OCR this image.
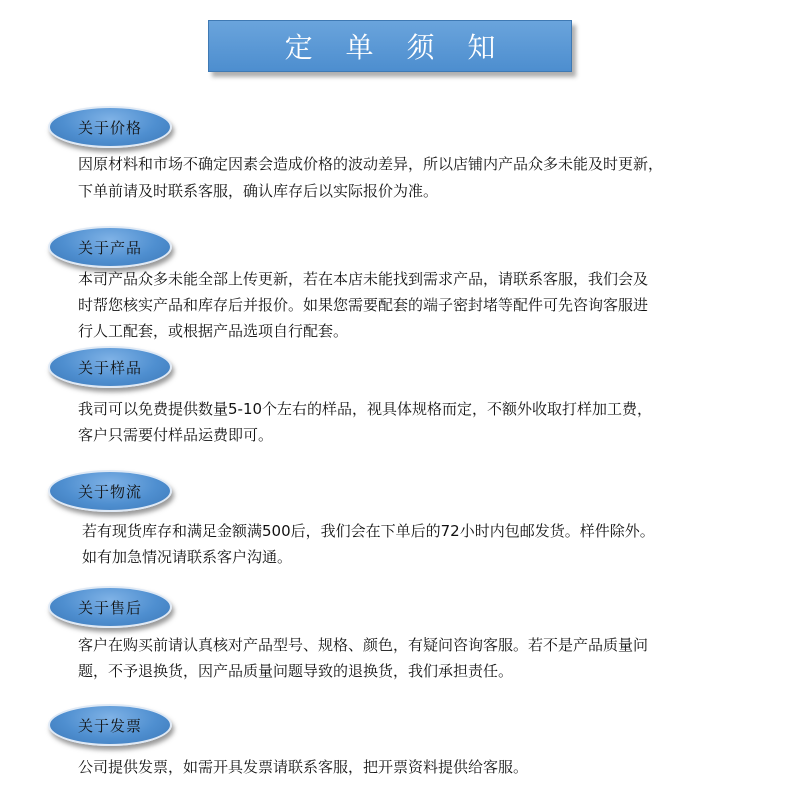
定 单 须 知
关于价格
因原材料和市场不确定因素会造成价格的波动差异，所以店铺内产品众多未能及时更新，
下单前请及时联系客服，确认库存后以实际报价为准。
关于产品
本司产品众多未能全部上传更新，若在本店未能找到需求产品，请联系客服，我们会及
时帮您核实产品和库存后并报价。如果您需要配套的端子密封堵等配件可先咨询客服进
行人工配套，或根据产品选项自行配套。
关于样品
我司可以免费提供数量5-10个左右的样品，视具体规格而定，不额外收取打样加工费，
客户只需要付样品运费即可。
关于物流
若有现货库存和满足金额满500后，我们会在下单后的72小时内包邮发货。样件除外。
如有加急情况请联系客户沟通。
关于售后
客户在购买前请认真核对产品型号、规格、颜色，有疑问咨询客服。若不是产品质量问
题，不予退换货，因产品质量问题导致的退换货，我们承担责任。
关于发票
公司提供发票，如需开具发票请联系客服，把开票资料提供给客服。
